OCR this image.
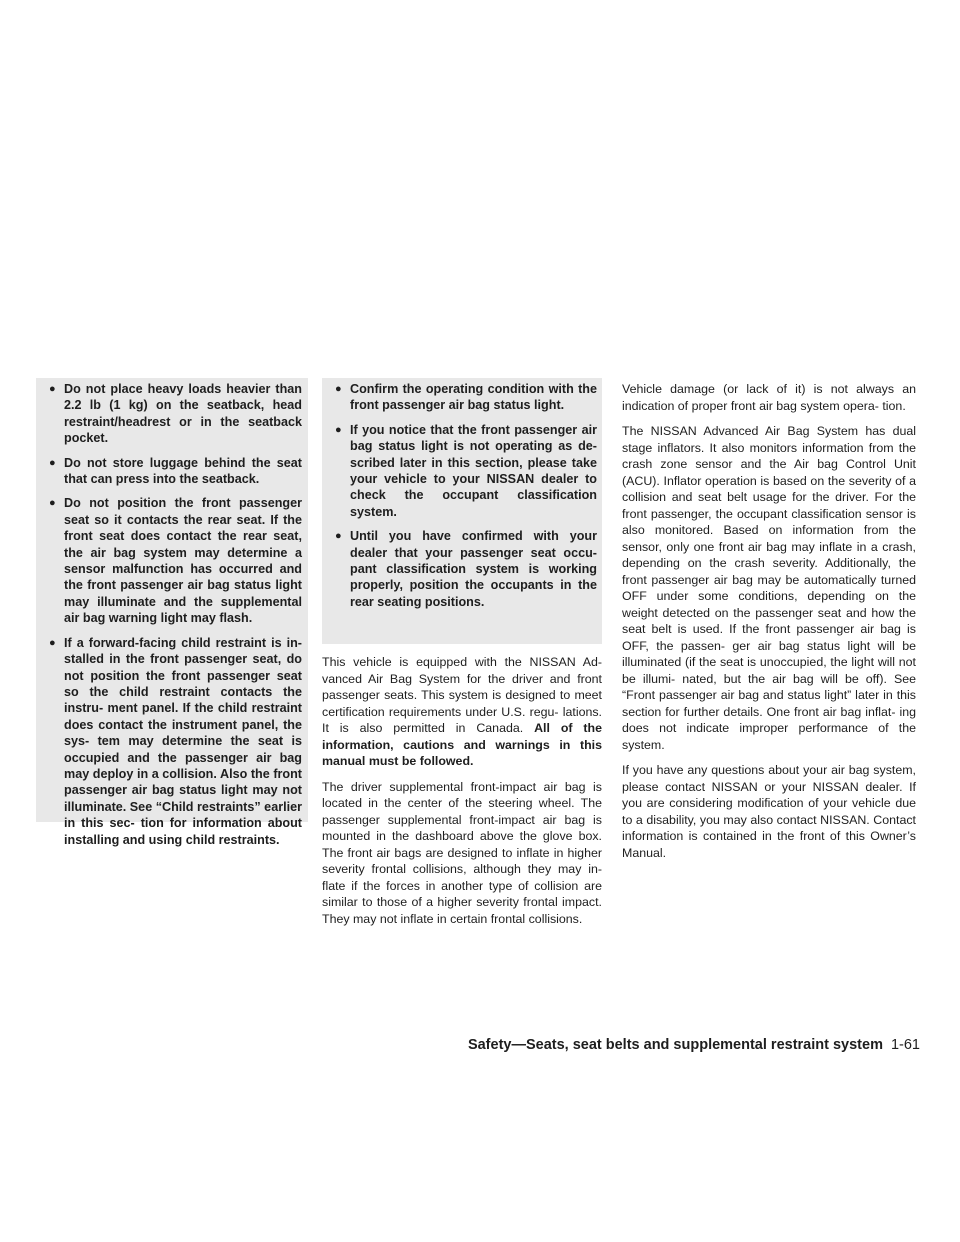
● Do not place heavy loads heavier than 2.2 lb (1 kg) on the seatback, head restraint/headrest or in the seatback pocket.
● Do not store luggage behind the seat that can press into the seatback.
● Do not position the front passenger seat so it contacts the rear seat. If the front seat does contact the rear seat, the air bag system may determine a sensor malfunction has occurred and the front passenger air bag status light may illuminate and the supplemental air bag warning light may flash.
● If a forward-facing child restraint is in- stalled in the front passenger seat, do not position the front passenger seat so the child restraint contacts the instru- ment panel. If the child restraint does contact the instrument panel, the sys- tem may determine the seat is occupied and the passenger air bag may deploy in a collision. Also the front passenger air bag status light may not illuminate. See “Child restraints” earlier in this sec- tion for information about installing and using child restraints.
● Confirm the operating condition with the front passenger air bag status light.
● If you notice that the front passenger air bag status light is not operating as de- scribed later in this section, please take your vehicle to your NISSAN dealer to check the occupant classification system.
● Until you have confirmed with your dealer that your passenger seat occu- pant classification system is working properly, position the occupants in the rear seating positions.

This vehicle is equipped with the NISSAN Ad- vanced Air Bag System for the driver and front passenger seats. This system is designed to meet certification requirements under U.S. regu- lations. It is also permitted in Canada. All of the information, cautions and warnings in this manual must be followed.

The driver supplemental front-impact air bag is located in the center of the steering wheel. The passenger supplemental front-impact air bag is mounted in the dashboard above the glove box. The front air bags are designed to inflate in higher severity frontal collisions, although they may in- flate if the forces in another type of collision are similar to those of a higher severity frontal impact. They may not inflate in certain frontal collisions.

Vehicle damage (or lack of it) is not always an indication of proper front air bag system opera- tion.

The NISSAN Advanced Air Bag System has dual stage inflators. It also monitors information from the crash zone sensor and the Air bag Control Unit (ACU). Inflator operation is based on the severity of a collision and seat belt usage for the driver. For the front passenger, the occupant classification sensor is also monitored. Based on information from the sensor, only one front air bag may inflate in a crash, depending on the crash severity. Additionally, the front passenger air bag may be automatically turned OFF under some conditions, depending on the weight detected on the passenger seat and how the seat belt is used. If the front passenger air bag is OFF, the passen- ger air bag status light will be illuminated (if the seat is unoccupied, the light will not be illumi- nated, but the air bag will be off). See “Front passenger air bag and status light” later in this section for further details. One front air bag inflat- ing does not indicate improper performance of the system.

If you have any questions about your air bag system, please contact NISSAN or your NISSAN dealer. If you are considering modification of your vehicle due to a disability, you may also contact NISSAN. Contact information is contained in the front of this Owner’s Manual.

Safety—Seats, seat belts and supplemental restraint system 1-61
